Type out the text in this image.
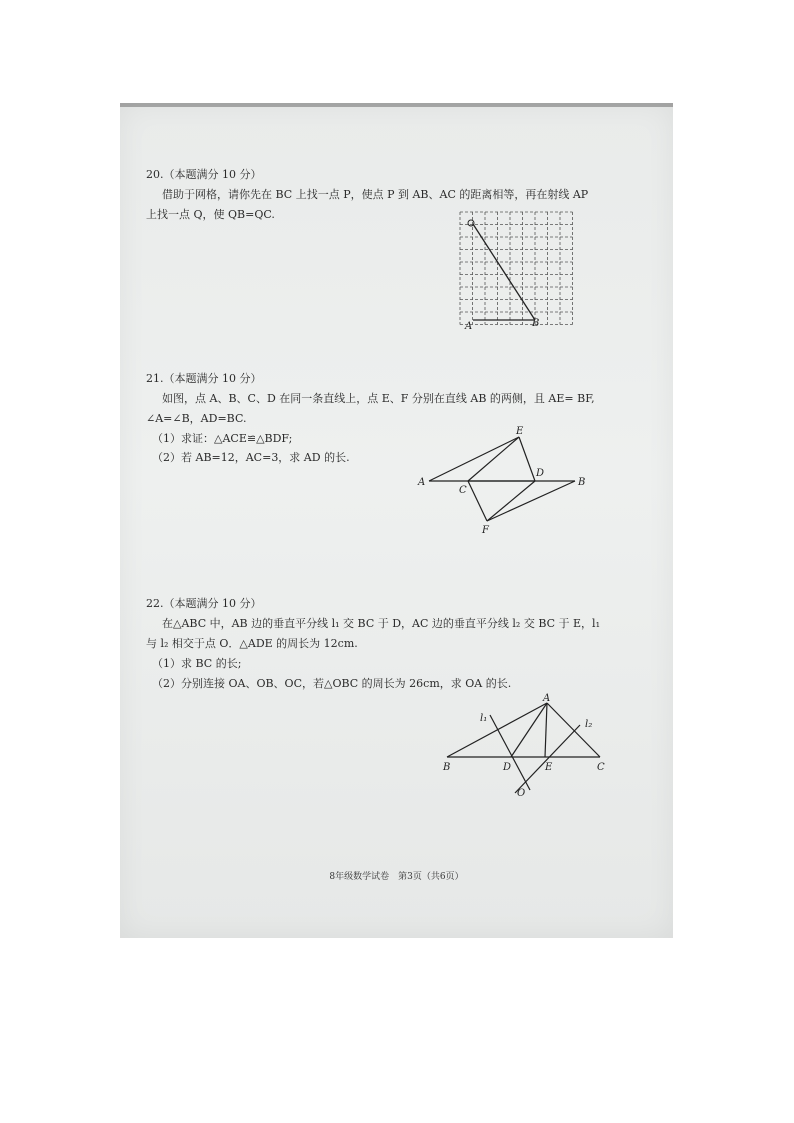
20.（本题满分 10 分）
借助于网格，请你先在 BC 上找一点 P，使点 P 到 AB、AC 的距离相等，再在射线 AP
上找一点 Q，使 QB=QC.
A	B
21.（本题满分 10 分）
如图，点 A、B、C、D 在同一条直线上，点 E、F 分别在直线 AB 的两侧，且 AE= BF,
∠A=∠B，AD=BC.
（1）求证：△ACE≌△BDF;
（2）若 AB=12，AC=3，求 AD 的长.
E
A
C
D
B
F
22.（本题满分 10 分）
在△ABC 中，AB 边的垂直平分线 l₁ 交 BC 于 D，AC 边的垂直平分线 l₂ 交 BC 于 E，l₁
与 l₂ 相交于点 O．△ADE 的周长为 12cm.
（1）求 BC 的长;
（2）分别连接 OA、OB、OC，若△OBC 的周长为 26cm，求 OA 的长.
A
l₁
l₂
B	D	E	C
O
8年级数学试卷　第3页（共6页）
